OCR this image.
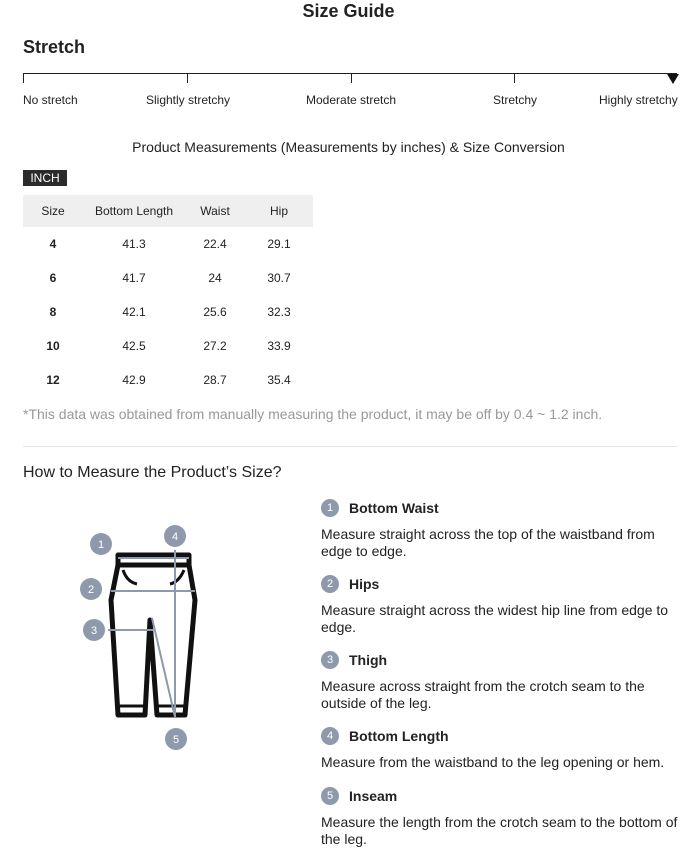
Size Guide
Stretch
No stretch	Slightly stretchy	Moderate stretch	Stretchy	Highly stretchy
Product Measurements (Measurements by inches) & Size Conversion
INCH
Size	Bottom Length	Waist	Hip
4	41.3	22.4	29.1
6	41.7	24	30.7
8	42.1	25.6	32.3
10	42.5	27.2	33.9
12	42.9	28.7	35.4
*This data was obtained from manually measuring the product, it may be off by 0.4 ~ 1.2 inch.
How to Measure the Product’s Size?
1
4
2
3
5
1	Bottom Waist
Measure straight across the top of the waistband from edge to edge.
2	Hips
Measure straight across the widest hip line from edge to edge.
3	Thigh
Measure across straight from the crotch seam to the outside of the leg.
4	Bottom Length
Measure from the waistband to the leg opening or hem.
5	Inseam
Measure the length from the crotch seam to the bottom of the leg.
